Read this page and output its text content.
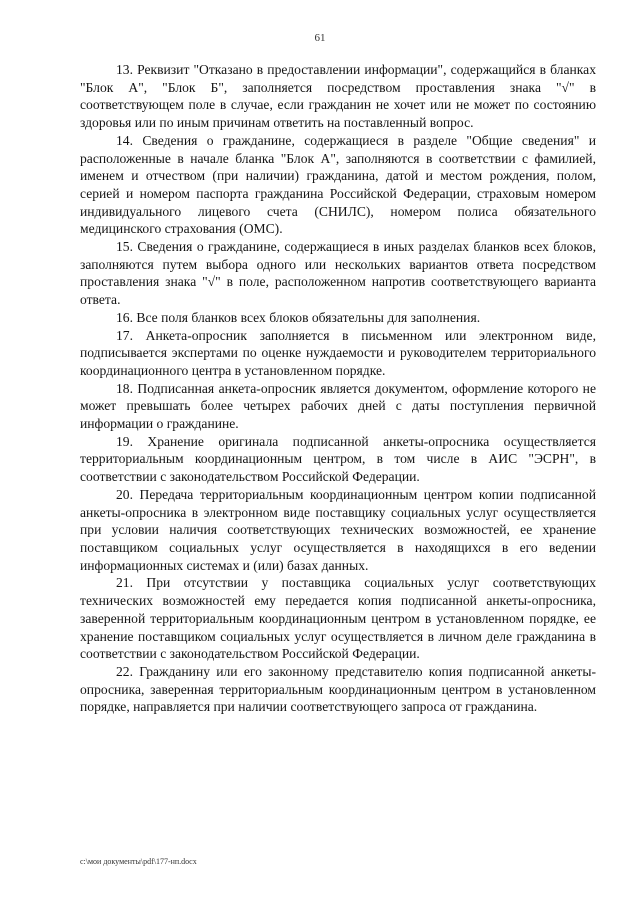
61

13. Реквизит "Отказано в предоставлении информации", содержащийся в бланках "Блок А", "Блок Б", заполняется посредством проставления знака "√" в соответствующем поле в случае, если гражданин не хочет или не может по состоянию здоровья или по иным причинам ответить на поставленный вопрос.

14. Сведения о гражданине, содержащиеся в разделе "Общие сведения" и расположенные в начале бланка "Блок А", заполняются в соответствии с фамилией, именем и отчеством (при наличии) гражданина, датой и местом рождения, полом, серией и номером паспорта гражданина Российской Федерации, страховым номером индивидуального лицевого счета (СНИЛС), номером полиса обязательного медицинского страхования (ОМС).

15. Сведения о гражданине, содержащиеся в иных разделах бланков всех блоков, заполняются путем выбора одного или нескольких вариантов ответа посредством проставления знака "√" в поле, расположенном напротив соответствующего варианта ответа.

16. Все поля бланков всех блоков обязательны для заполнения.

17. Анкета-опросник заполняется в письменном или электронном виде, подписывается экспертами по оценке нуждаемости и руководителем территориального координационного центра в установленном порядке.

18. Подписанная анкета-опросник является документом, оформление которого не может превышать более четырех рабочих дней с даты поступления первичной информации о гражданине.

19. Хранение оригинала подписанной анкеты-опросника осуществляется территориальным координационным центром, в том числе в АИС "ЭСРН", в соответствии с законодательством Российской Федерации.

20. Передача территориальным координационным центром копии подписанной анкеты-опросника в электронном виде поставщику социальных услуг осуществляется при условии наличия соответствующих технических возможностей, ее хранение поставщиком социальных услуг осуществляется в находящихся в его ведении информационных системах и (или) базах данных.

21. При отсутствии у поставщика социальных услуг соответствующих технических возможностей ему передается копия подписанной анкеты-опросника, заверенной территориальным координационным центром в установленном порядке, ее хранение поставщиком социальных услуг осуществляется в личном деле гражданина в соответствии с законодательством Российской Федерации.

22. Гражданину или его законному представителю копия подписанной анкеты-опросника, заверенная территориальным координационным центром в установленном порядке, направляется при наличии соответствующего запроса от гражданина.

c:\мои документы\pdf\177-нп.docx
